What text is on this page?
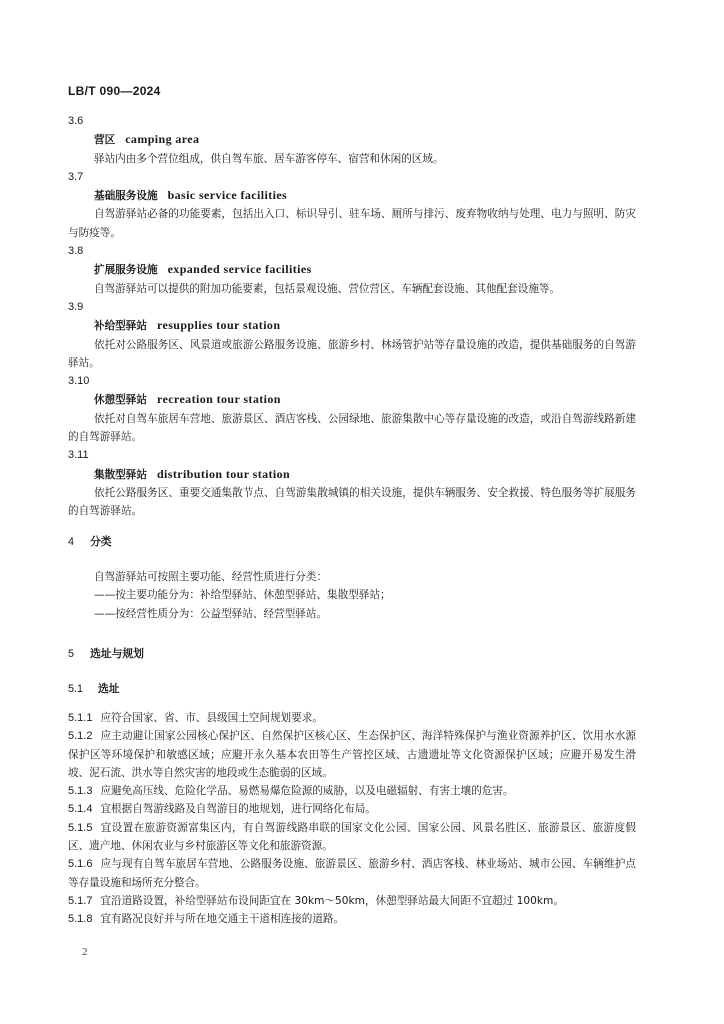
LB/T 090—2024
3.6
营区 camping area
驿站内由多个营位组成，供自驾车旅、居车游客停车、宿营和休闲的区域。
3.7
基础服务设施 basic service facilities
自驾游驿站必备的功能要素，包括出入口、标识导引、驻车场、厕所与排污、废弃物收纳与处理、电力与照明、防灾与防疫等。
3.8
扩展服务设施 expanded service facilities
自驾游驿站可以提供的附加功能要素，包括景观设施、营位营区、车辆配套设施、其他配套设施等。
3.9
补给型驿站 resupplies tour station
依托对公路服务区、风景道或旅游公路服务设施、旅游乡村、林场管护站等存量设施的改造，提供基础服务的自驾游驿站。
3.10
休憩型驿站 recreation tour station
依托对自驾车旅居车营地、旅游景区、酒店客栈、公园绿地、旅游集散中心等存量设施的改造，或沿自驾游线路新建的自驾游驿站。
3.11
集散型驿站 distribution tour station
依托公路服务区、重要交通集散节点、自驾游集散城镇的相关设施，提供车辆服务、安全救援、特色服务等扩展服务的自驾游驿站。
4 分类

自驾游驿站可按照主要功能、经营性质进行分类：

——按主要功能分为：补给型驿站、休憩型驿站、集散型驿站；

——按经营性质分为：公益型驿站、经营型驿站。

5 选址与规划
5.1 选址

5.1.1 应符合国家、省、市、县级国土空间规划要求。

5.1.2 应主动避让国家公园核心保护区、自然保护区核心区、生态保护区、海洋特殊保护与渔业资源养护区、饮用水水源保护区等环境保护和敏感区域；应避开永久基本农田等生产管控区域、古遗遗址等文化资源保护区域；应避开易发生滑坡、泥石流、洪水等自然灾害的地段或生态脆弱的区域。

5.1.3 应避免高压线、危险化学品、易燃易爆危险源的威胁，以及电磁辐射、有害土壤的危害。

5.1.4 宜根据自驾游线路及自驾游目的地规划，进行网络化布局。

5.1.5 宜设置在旅游资源富集区内，有自驾游线路串联的国家文化公园、国家公园、风景名胜区、旅游景区、旅游度假区、遗产地、休闲农业与乡村旅游区等文化和旅游资源。

5.1.6 应与现有自驾车旅居车营地、公路服务设施、旅游景区、旅游乡村、酒店客栈、林业场站、城市公园、车辆维护点等存量设施和场所充分整合。

5.1.7 宜沿道路设置，补给型驿站布设间距宜在 30km～50km，休憩型驿站最大间距不宜超过 100km。

5.1.8 宜有路况良好并与所在地交通主干道相连接的道路。

2
